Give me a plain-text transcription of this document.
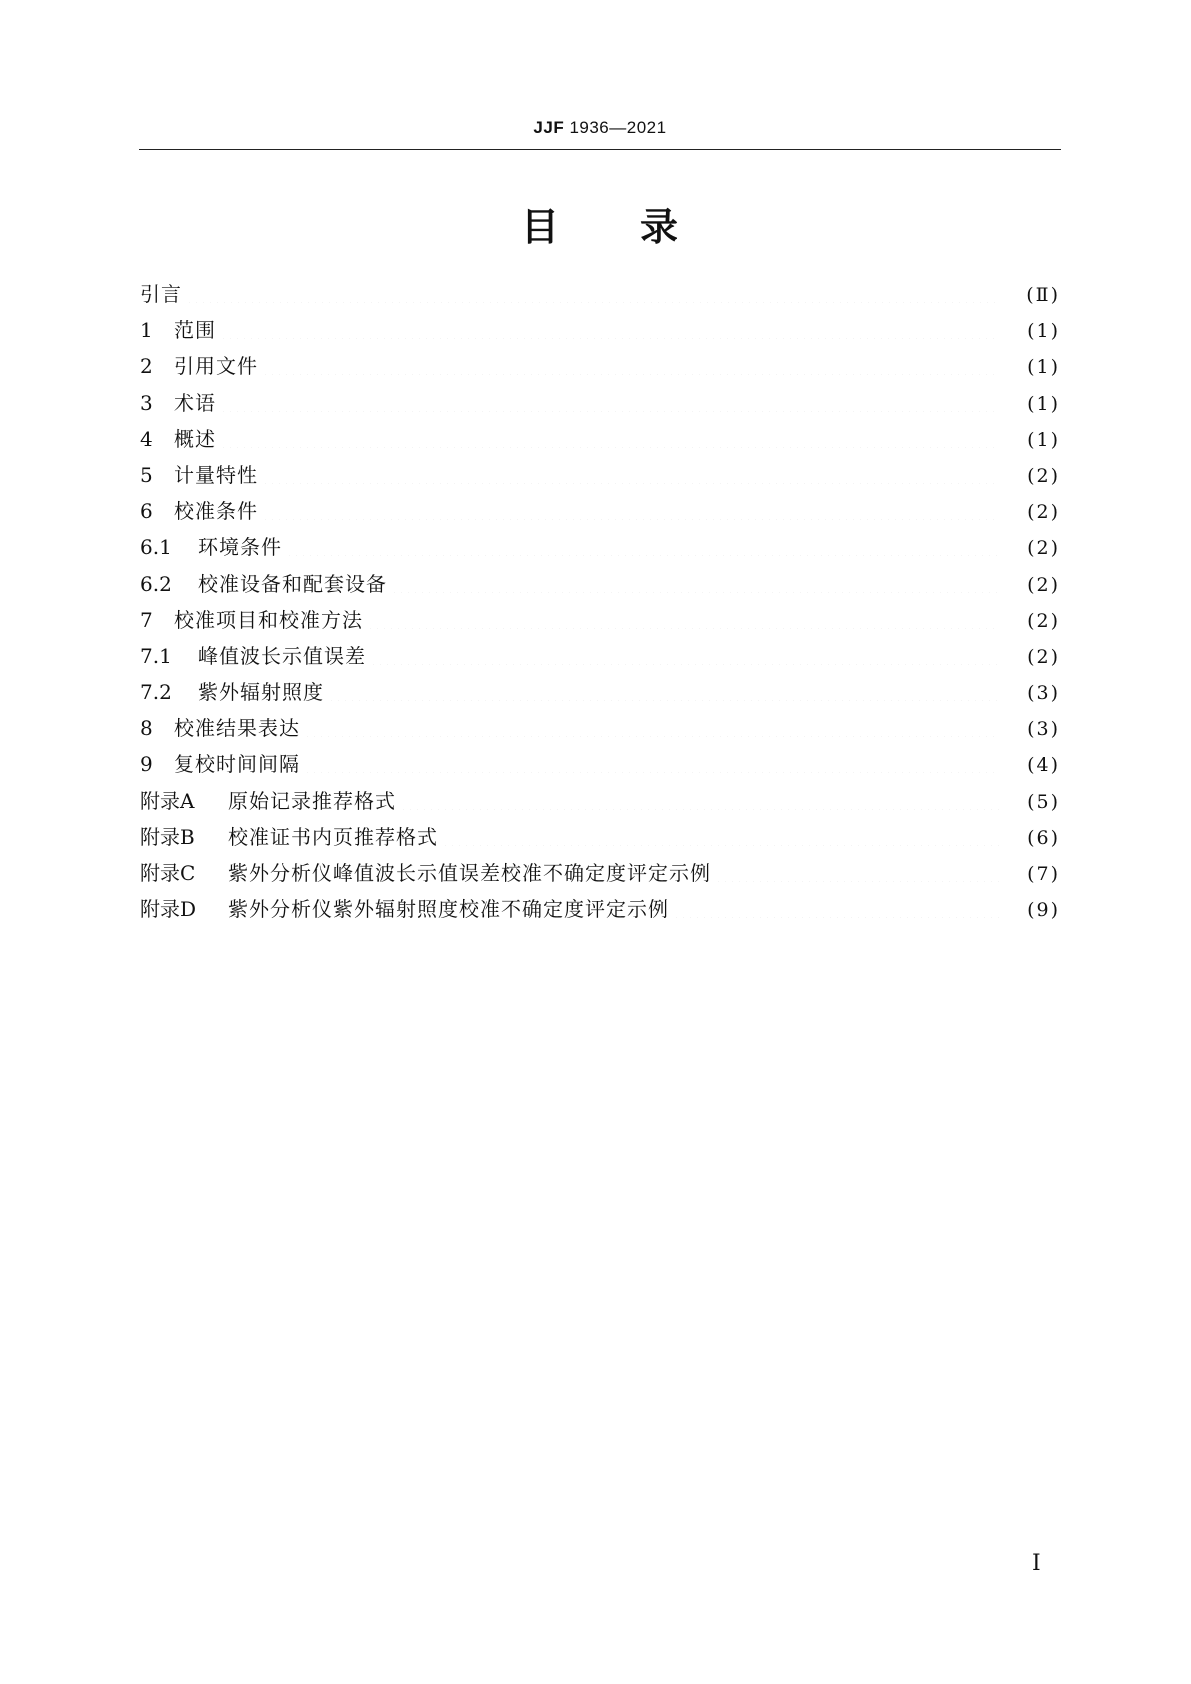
JJF 1936—2021
目 录
引言	(Ⅱ)
1	范围	(1)
2	引用文件	(1)
3	术语	(1)
4	概述	(1)
5	计量特性	(2)
6	校准条件	(2)
6.1	环境条件	(2)
6.2	校准设备和配套设备	(2)
7	校准项目和校准方法	(2)
7.1	峰值波长示值误差	(2)
7.2	紫外辐射照度	(3)
8	校准结果表达	(3)
9	复校时间间隔	(4)
附录A	原始记录推荐格式	(5)
附录B	校准证书内页推荐格式	(6)
附录C	紫外分析仪峰值波长示值误差校准不确定度评定示例	(7)
附录D	紫外分析仪紫外辐射照度校准不确定度评定示例	(9)
I
